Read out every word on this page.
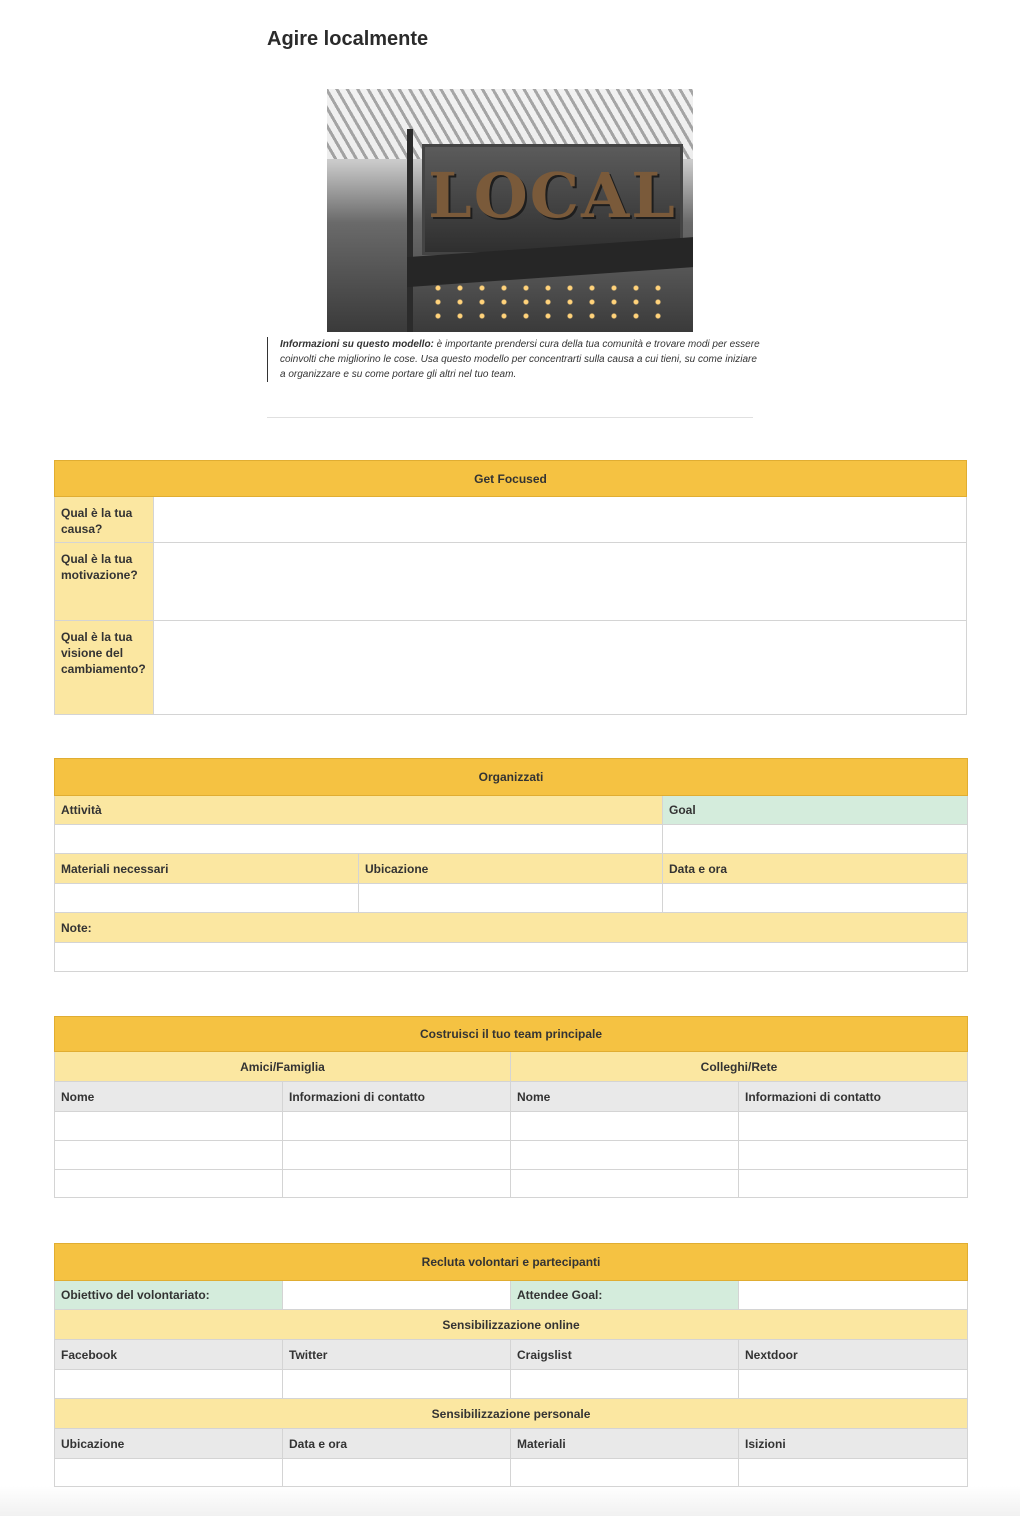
Agire localmente
LOCAL
Informazioni su questo modello: è importante prendersi cura della tua comunità e trovare modi per essere coinvolti che migliorino le cose. Usa questo modello per concentrarti sulla causa a cui tieni, su come iniziare a organizzare e su come portare gli altri nel tuo team.
Get Focused	
Qual è la tua causa?	
Qual è la tua motivazione?	
Qual è la tua visione del cambiamento?	
Organizzati		
Attività		Goal

Materiali necessari	Ubicazione	Data e ora

Note:		

Costruisci il tuo team principale			
Amici/Famiglia		Colleghi/Rete	
Nome	Informazioni di contatto	Nome	Informazioni di contatto

Recluta volontari e partecipanti			
Obiettivo del volontariato:		Attendee Goal:	
Sensibilizzazione online			
Facebook	Twitter	Craigslist	Nextdoor

Sensibilizzazione personale			
Ubicazione	Data e ora	Materiali	Isizioni
